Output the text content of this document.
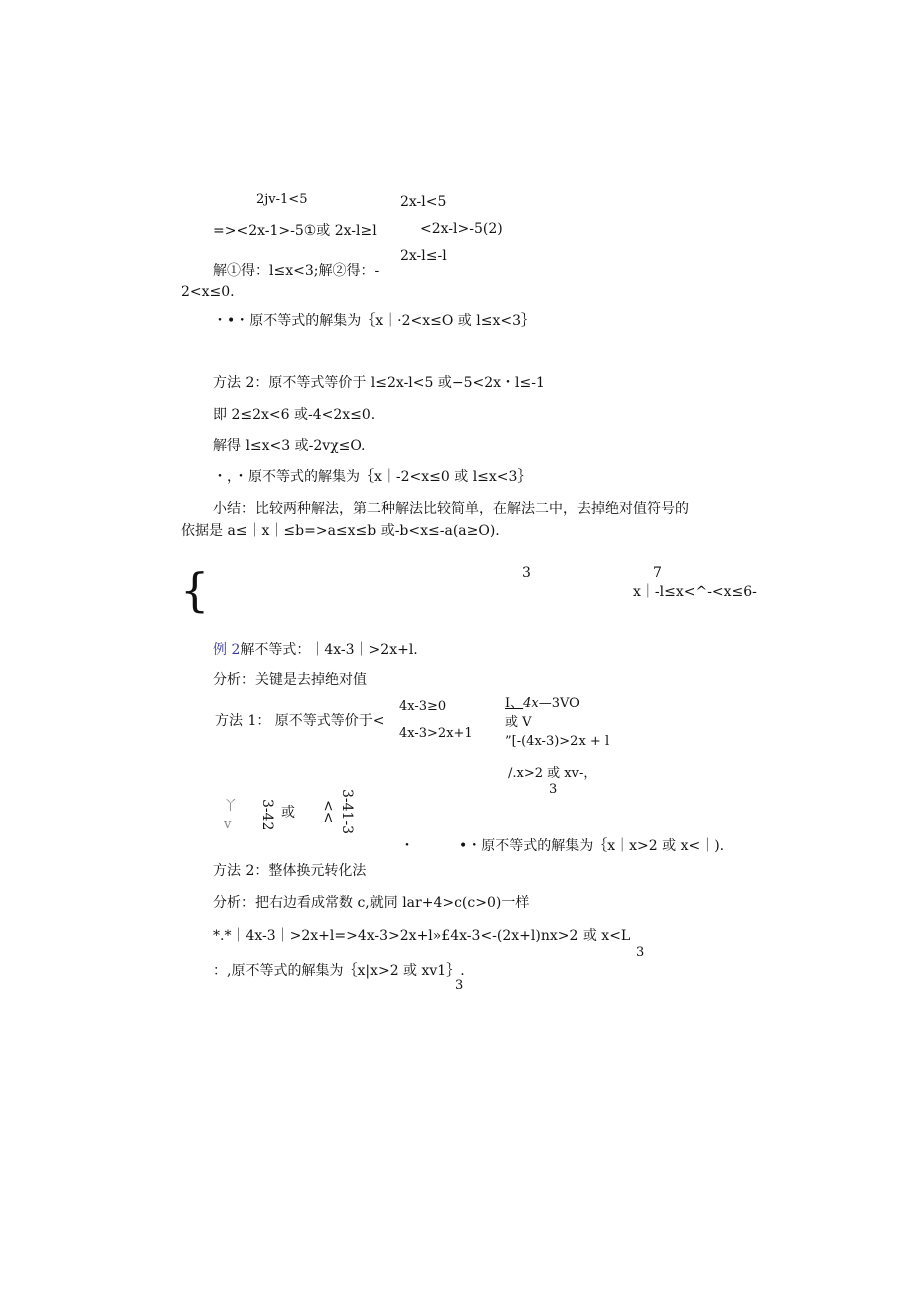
2jv-1<5	2x-l<5
=><2x-1>-5①或 2x-l≥l	<2x-l>-5(2)
2x-l≤-l
解①得：l≤x<3;解②得：-
2<x≤0.
・•・原不等式的解集为｛x｜·2<x≤O 或 l≤x<3｝
方法 2：原不等式等价于 l≤2x-l<5 或−5<2x・l≤-1
即 2≤2x<6 或-4<2x≤0.
解得 l≤x<3 或-2vχ≤O.
・，・原不等式的解集为｛x｜-2<x≤0 或 l≤x<3｝
小结：比较两种解法，第二种解法比较简单，在解法二中，去掉绝对值符号的
依据是 a≤｜x｜≤b=>a≤x≤b 或-b<x≤-a(a≥O).
{	3	7
x｜-l≤x<^-<x≤6-
例 2解不等式：｜4x-3｜>2x+l.
分析：关键是去掉绝对值
方法 1： 原不等式等价于<
4x-3≥0
4x-3>2x+1
I、4x—3VO
或 V
”[-(4x-3)>2x + l
/.x>2 或 xv-，
3
丫
v 3-42 或 << 3-41-3
・	•・原不等式的解集为｛x｜x>2 或 x<｜).
方法 2：整体换元转化法
分析：把右边看成常数 c,就同 lar+4>c(c>0)一样
*.*｜4x-3｜>2x+l=>4x-3>2x+l»£4x-3<-(2x+l)nx>2 或 x<L
3
：,原不等式的解集为｛x|x>2 或 xv1｝.
3
